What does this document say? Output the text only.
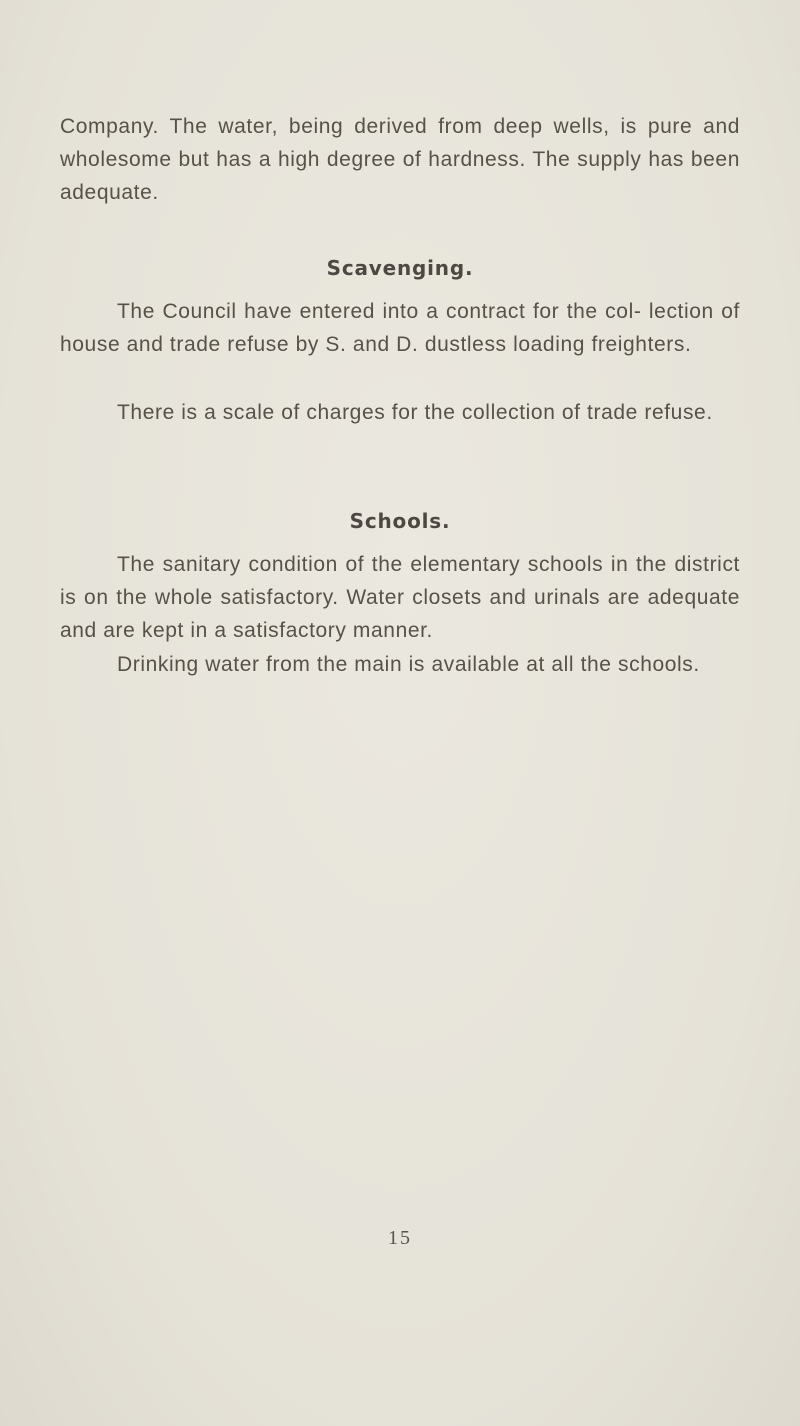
Company. The water, being derived from deep wells, is pure and wholesome but has a high degree of hardness. The supply has been adequate.

Scavenging.

The Council have entered into a contract for the col- lection of house and trade refuse by S. and D. dustless loading freighters.

There is a scale of charges for the collection of trade refuse.

Schools.

The sanitary condition of the elementary schools in the district is on the whole satisfactory. Water closets and urinals are adequate and are kept in a satisfactory manner.

Drinking water from the main is available at all the schools.

15
